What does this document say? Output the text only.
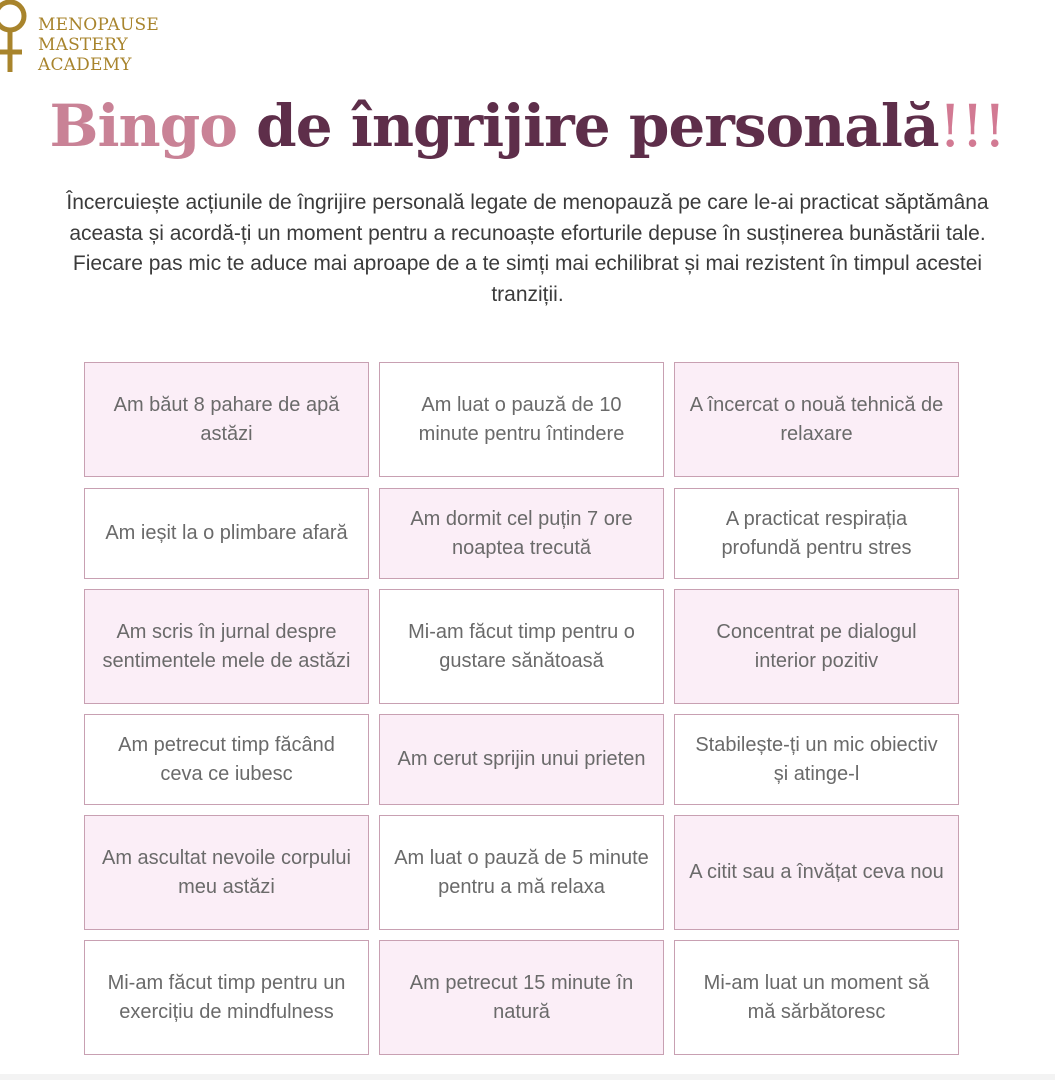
MENOPAUSE
MASTERY
ACADEMY
Bingo de îngrijire personală!!!

Încercuiește acțiunile de îngrijire personală legate de menopauză pe care le-ai practicat săptămâna aceasta și acordă-ți un moment pentru a recunoaște eforturile depuse în susținerea bunăstării tale. Fiecare pas mic te aduce mai aproape de a te simți mai echilibrat și mai rezistent în timpul acestei tranziții.

Am băut 8 pahare de apă astăzi
Am luat o pauză de 10 minute pentru întindere
A încercat o nouă tehnică de relaxare
Am ieșit la o plimbare afară
Am dormit cel puțin 7 ore noaptea trecută
A practicat respirația profundă pentru stres
Am scris în jurnal despre sentimentele mele de astăzi
Mi-am făcut timp pentru o gustare sănătoasă
Concentrat pe dialogul interior pozitiv
Am petrecut timp făcând ceva ce iubesc
Am cerut sprijin unui prieten
Stabilește-ți un mic obiectiv și atinge-l
Am ascultat nevoile corpului meu astăzi
Am luat o pauză de 5 minute pentru a mă relaxa
A citit sau a învățat ceva nou
Mi-am făcut timp pentru un exercițiu de mindfulness
Am petrecut 15 minute în natură
Mi-am luat un moment să mă sărbătoresc
